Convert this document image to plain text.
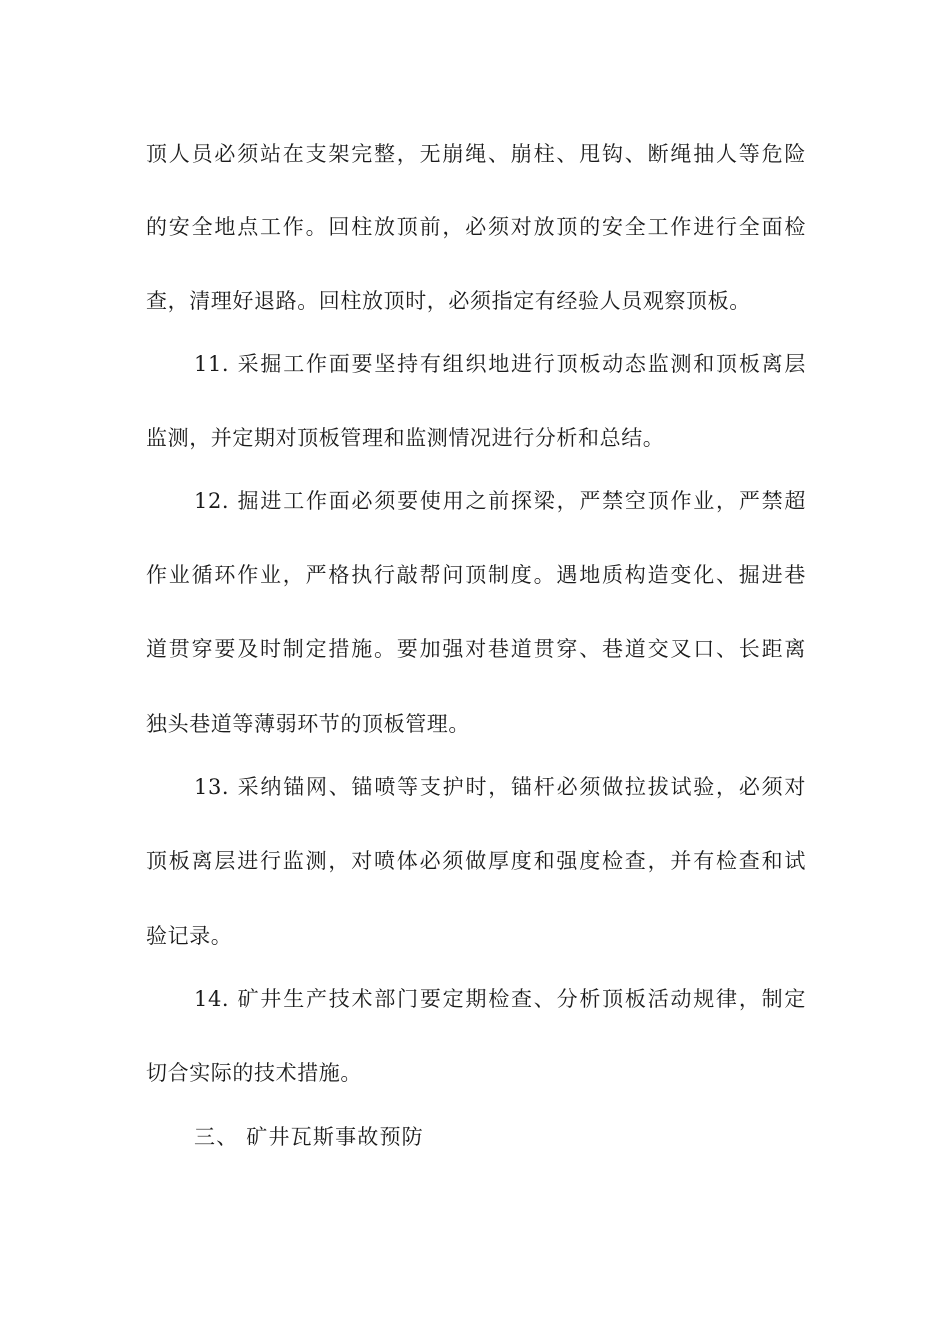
顶人员必须站在支架完整，无崩绳、崩柱、甩钩、断绳抽人等危险
的安全地点工作。回柱放顶前，必须对放顶的安全工作进行全面检
查，清理好退路。回柱放顶时，必须指定有经验人员观察顶板。
11. 采掘工作面要坚持有组织地进行顶板动态监测和顶板离层
监测，并定期对顶板管理和监测情况进行分析和总结。
12. 掘进工作面必须要使用之前探梁，严禁空顶作业，严禁超
作业循环作业，严格执行敲帮问顶制度。遇地质构造变化、掘进巷
道贯穿要及时制定措施。要加强对巷道贯穿、巷道交叉口、长距离
独头巷道等薄弱环节的顶板管理。
13. 采纳锚网、锚喷等支护时，锚杆必须做拉拔试验，必须对
顶板离层进行监测，对喷体必须做厚度和强度检查，并有检查和试
验记录。
14. 矿井生产技术部门要定期检查、分析顶板活动规律，制定
切合实际的技术措施。
三、 矿井瓦斯事故预防
